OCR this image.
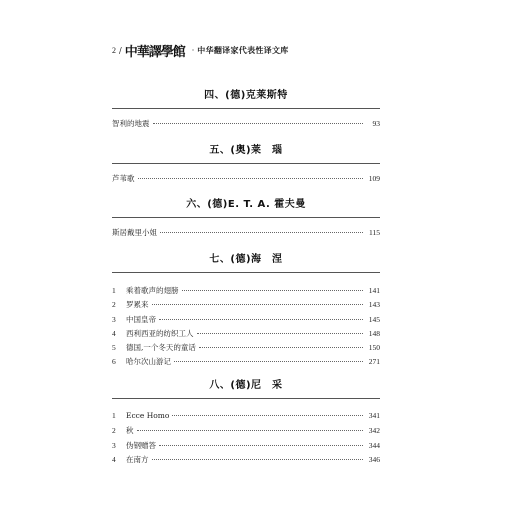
2 / 中華譯學館 · 中华翻译家代表性译文库
四、(德)克莱斯特
智利的地震	93
五、(奥)莱　瑙
芦苇歌	109
六、(德)E. T. A. 霍夫曼
斯居戴里小姐	115
七、(德)海　涅
1	乘着歌声的翅膀	141
2	罗累来	143
3	中国皇帝	145
4	西利西亚的纺织工人	148
5	德国,一个冬天的童话	150
6	哈尔次山游记	271
八、(德)尼　采
1	Ecce Homo	341
2	秋	342
3	伪钢赠答	344
4	在南方	346
